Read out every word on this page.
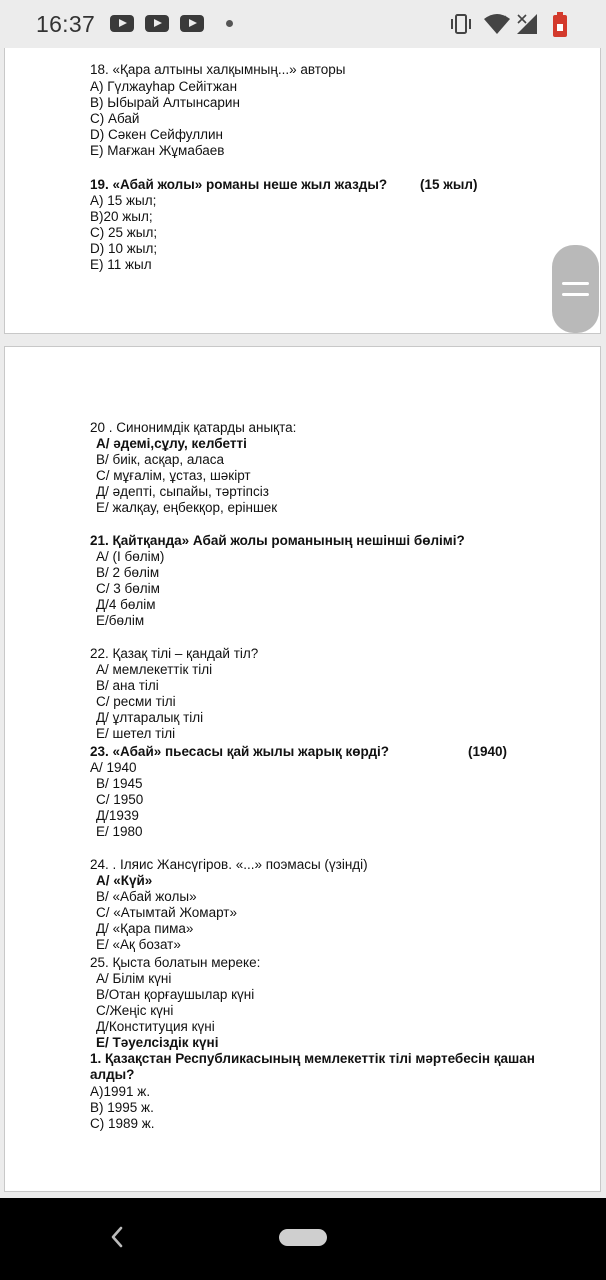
16:37	↕
18. «Қара алтыны халқымның...» авторы
A) Гүлжауһар Сейітжан
B) Ыбырай Алтынсарин
C) Абай
D) Сәкен Сейфуллин
E) Мағжан Жұмабаев
19. «Абай жолы» романы неше жыл жазды? (15 жыл)
A) 15 жыл;
B)20 жыл;
C) 25 жыл;
D) 10 жыл;
E) 11 жыл
20 . Синонимдік қатарды анықта:
А/ әдемі,сұлу, келбетті
В/ биік, асқар, аласа
С/ мұғалім, ұстаз, шәкірт
Д/ әдепті, сыпайы, тәртіпсіз
Е/ жалқау, еңбекқор, еріншек
21. Қайтқанда» Абай жолы романының нешінші бөлімі?
А/ (І бөлім)
В/ 2 бөлім
С/ 3 бөлім
Д/4 бөлім
Е/бөлім
22. Қазақ тілі – қандай тіл?
А/ мемлекеттік тілі
В/ ана тілі
С/ ресми тілі
Д/ ұлтаралық тілі
Е/ шетел тілі
23. «Абай» пьесасы қай жылы жарық көрді?	(1940)
А/ 1940
В/ 1945
С/ 1950
Д/1939
Е/ 1980
24. . Іляис Жансүгіров. «...» поэмасы (үзінді)
А/ «Күй»
В/ «Абай жолы»
С/ «Атымтай Жомарт»
Д/ «Қара пима»
Е/ «Ақ бозат»
25. Қыста болатын мереке:
А/ Білім күні
В/Отан қорғаушылар күні
С/Жеңіс күні
Д/Конституция күні
Е/ Тәуелсіздік күні
1. Қазақстан Республикасының мемлекеттік тілі мәртебесін қашан
алды?
A)1991 ж.
B) 1995 ж.
C) 1989 ж.
